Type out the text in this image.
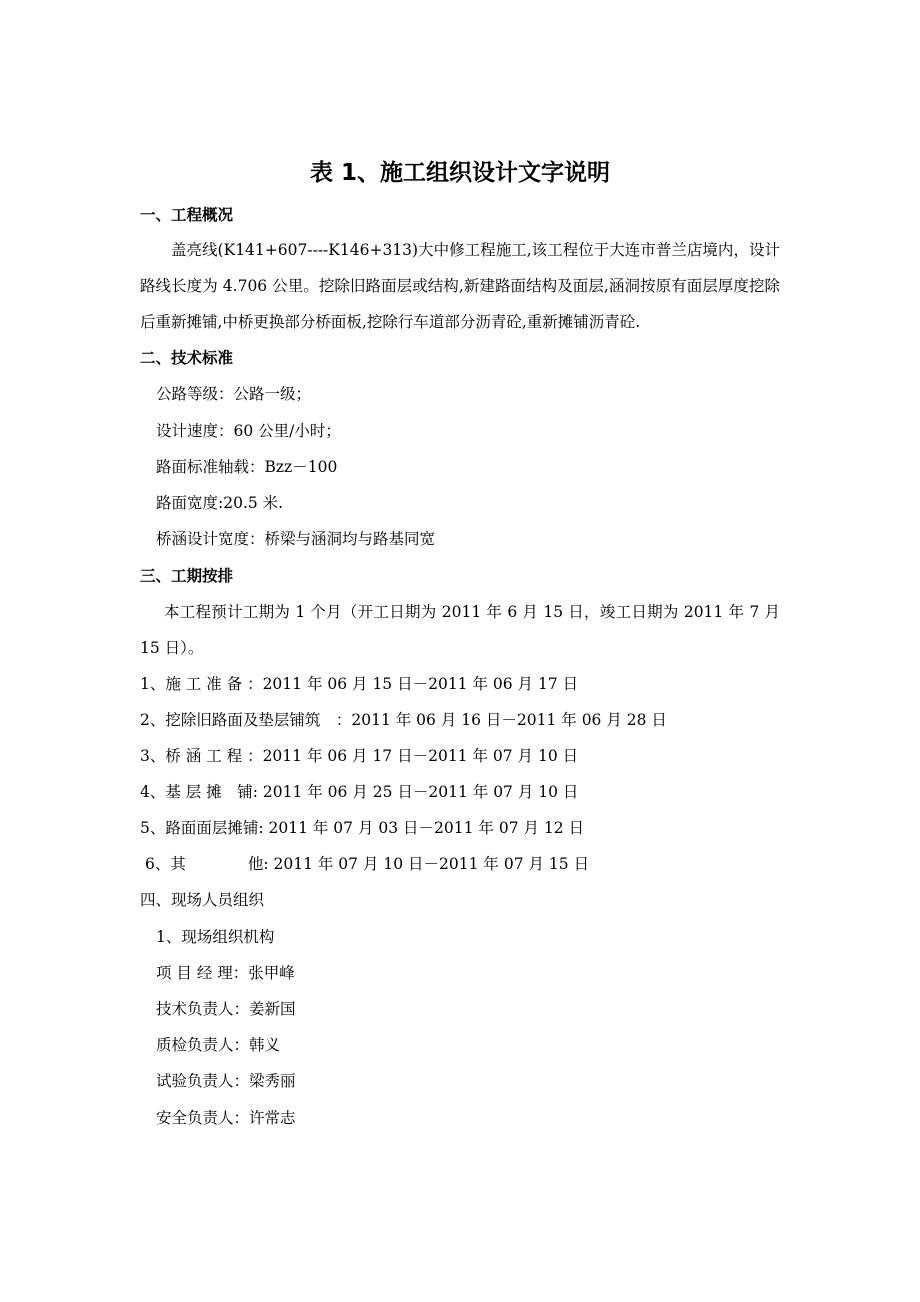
表 1、施工组织设计文字说明
一、工程概况

盖亮线(K141+607----K146+313)大中修工程施工,该工程位于大连市普兰店境内，设计路线长度为 4.706 公里。挖除旧路面层或结构,新建路面结构及面层,涵洞按原有面层厚度挖除后重新摊铺,中桥更换部分桥面板,挖除行车道部分沥青砼,重新摊铺沥青砼.

二、技术标准
公路等级：公路一级；
设计速度：60 公里/小时；
路面标准轴载：Bzz－100
路面宽度:20.5 米.
桥涵设计宽度：桥梁与涵洞均与路基同宽
三、工期按排

本工程预计工期为 1 个月（开工日期为 2011 年 6 月 15 日，竣工日期为 2011 年 7 月 15 日）。

1、施 工 准 备 ：2011 年 06 月 15 日－2011 年 06 月 17 日
2、挖除旧路面及垫层铺筑　：2011 年 06 月 16 日－2011 年 06 月 28 日
3、桥 涵 工 程 ：2011 年 06 月 17 日－2011 年 07 月 10 日
4、基 层 摊　铺: 2011 年 06 月 25 日－2011 年 07 月 10 日
5、路面面层摊铺: 2011 年 07 月 03 日－2011 年 07 月 12 日
6、其　　　　他: 2011 年 07 月 10 日－2011 年 07 月 15 日
四、现场人员组织
1、现场组织机构
项 目 经 理：张甲峰
技术负责人：姜新国
质检负责人：韩义
试验负责人：梁秀丽
安全负责人：许常志
